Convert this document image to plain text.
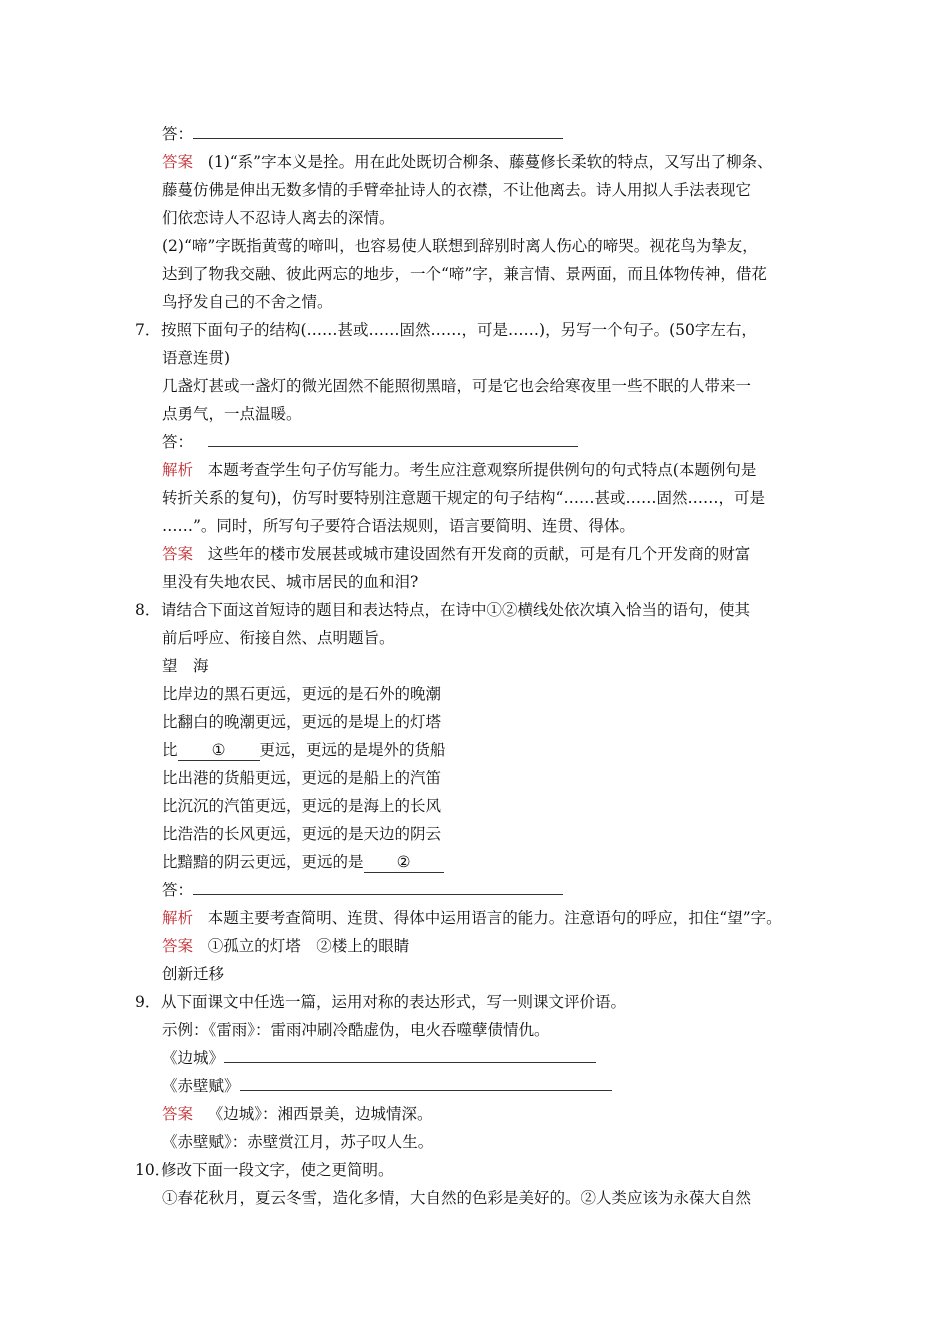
答：
答案 (1)“系”字本义是拴。用在此处既切合柳条、藤蔓修长柔软的特点，又写出了柳条、
藤蔓仿佛是伸出无数多情的手臂牵扯诗人的衣襟，不让他离去。诗人用拟人手法表现它
们依恋诗人不忍诗人离去的深情。
(2)“啼”字既指黄莺的啼叫，也容易使人联想到辞别时离人伤心的啼哭。视花鸟为挚友，
达到了物我交融、彼此两忘的地步，一个“啼”字，兼言情、景两面，而且体物传神，借花
鸟抒发自己的不舍之情。
7．按照下面句子的结构(……甚或……固然……，可是……)，另写一个句子。(50字左右，
语意连贯)
几盏灯甚或一盏灯的微光固然不能照彻黑暗，可是它也会给寒夜里一些不眠的人带来一
点勇气，一点温暖。
答：
解析 本题考查学生句子仿写能力。考生应注意观察所提供例句的句式特点(本题例句是
转折关系的复句)，仿写时要特别注意题干规定的句子结构“……甚或……固然……，可是
……”。同时，所写句子要符合语法规则，语言要简明、连贯、得体。
答案 这些年的楼市发展甚或城市建设固然有开发商的贡献，可是有几个开发商的财富
里没有失地农民、城市居民的血和泪?
8．请结合下面这首短诗的题目和表达特点，在诗中①②横线处依次填入恰当的语句，使其
前后呼应、衔接自然、点明题旨。
望　海
比岸边的黑石更远，更远的是石外的晚潮
比翻白的晚潮更远，更远的是堤上的灯塔
比 ① 更远，更远的是堤外的货船
比出港的货船更远，更远的是船上的汽笛
比沉沉的汽笛更远，更远的是海上的长风
比浩浩的长风更远，更远的是天边的阴云
比黯黯的阴云更远，更远的是 ②
答：
解析 本题主要考查简明、连贯、得体中运用语言的能力。注意语句的呼应，扣住“望”字。
答案 ①孤立的灯塔　②楼上的眼睛
创新迁移
9．从下面课文中任选一篇，运用对称的表达形式，写一则课文评价语。
示例：《雷雨》：雷雨冲刷冷酷虚伪，电火吞噬孽债情仇。
《边城》
《赤壁赋》
答案 《边城》：湘西景美，边城情深。
《赤壁赋》：赤壁赏江月，苏子叹人生。
10．修改下面一段文字，使之更简明。
①春花秋月，夏云冬雪，造化多情，大自然的色彩是美好的。②人类应该为永葆大自然
